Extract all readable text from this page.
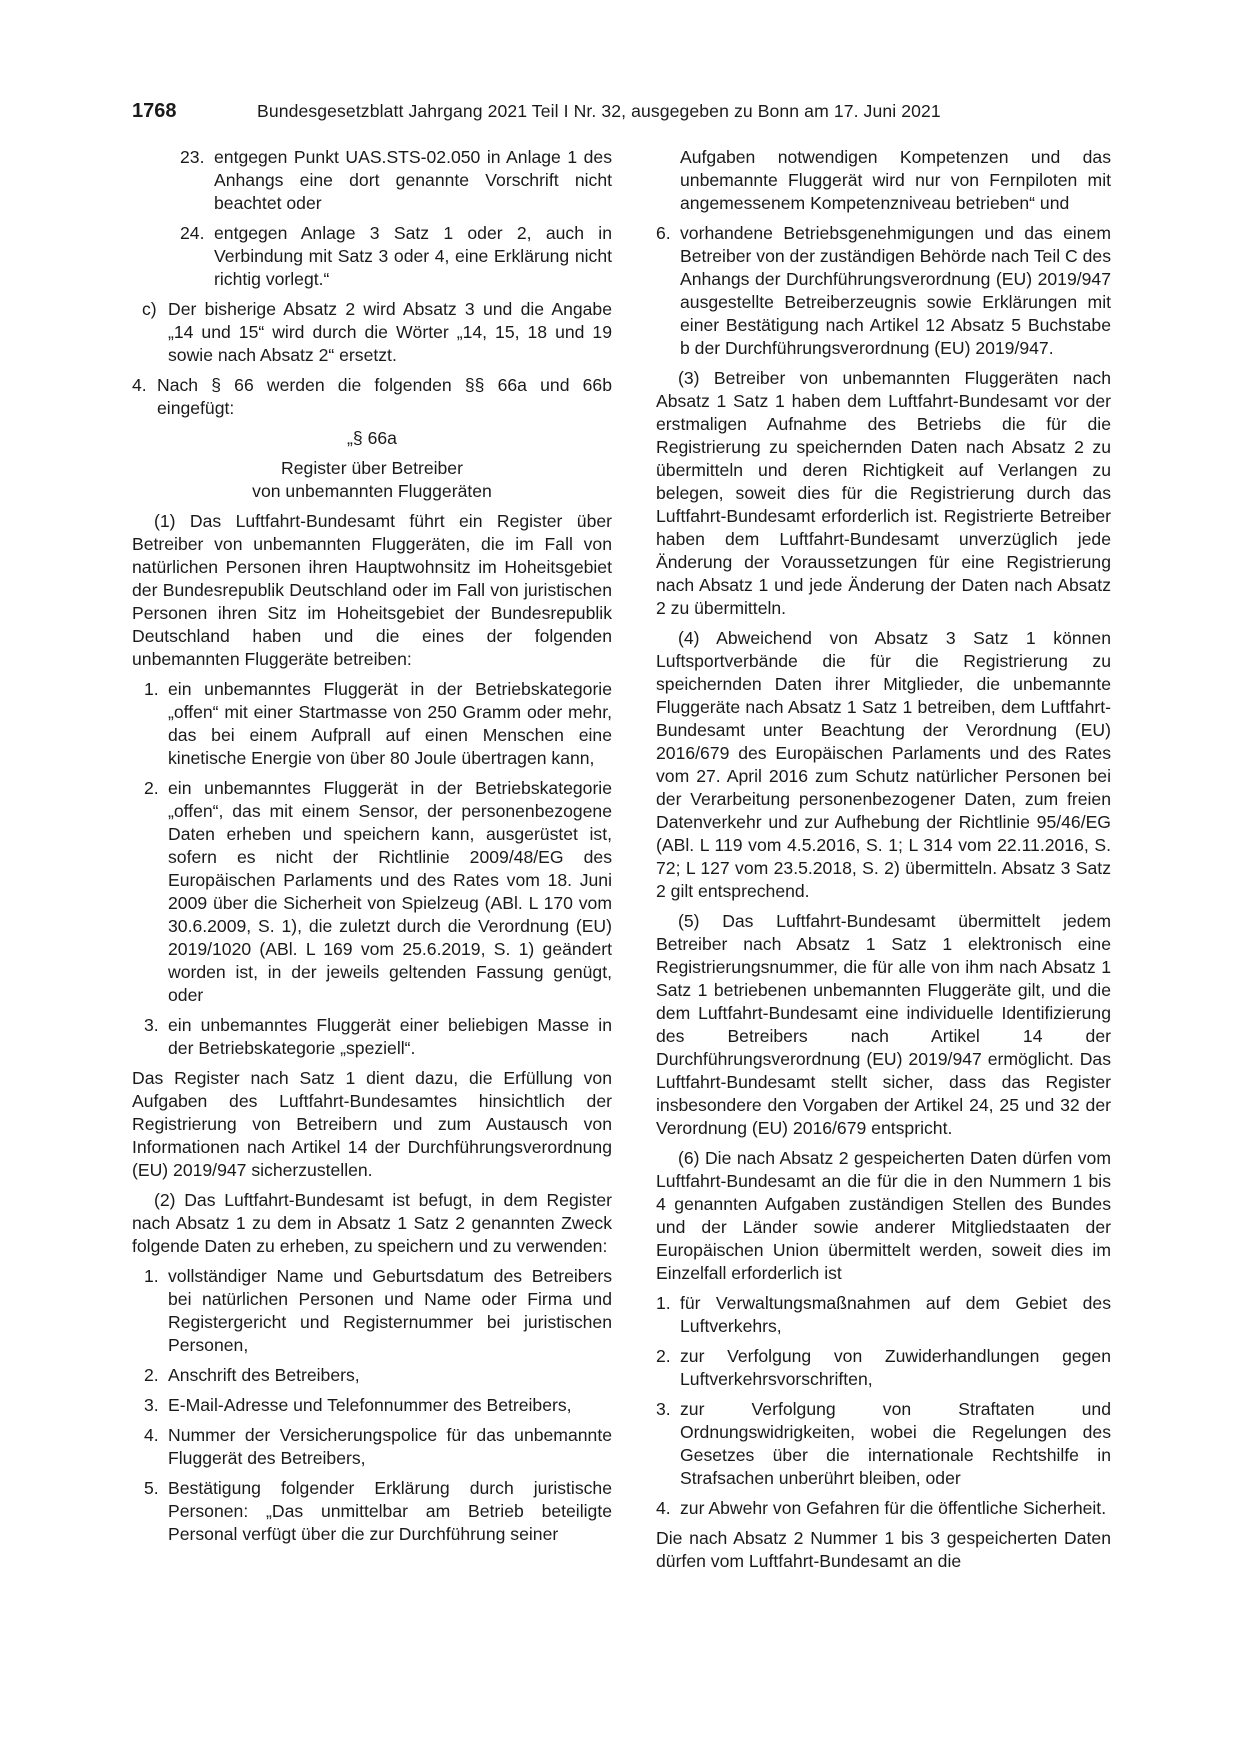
1768	Bundesgesetzblatt Jahrgang 2021 Teil I Nr. 32, ausgegeben zu Bonn am 17. Juni 2021
23. entgegen Punkt UAS.STS-02.050 in Anlage 1 des Anhangs eine dort genannte Vorschrift nicht beachtet oder
24. entgegen Anlage 3 Satz 1 oder 2, auch in Verbindung mit Satz 3 oder 4, eine Erklärung nicht richtig vorlegt.“
c) Der bisherige Absatz 2 wird Absatz 3 und die Angabe „14 und 15“ wird durch die Wörter „14, 15, 18 und 19 sowie nach Absatz 2“ ersetzt.
4. Nach § 66 werden die folgenden §§ 66a und 66b eingefügt:

„§ 66a

Register über Betreiber

von unbemannten Fluggeräten

(1) Das Luftfahrt-Bundesamt führt ein Register über Betreiber von unbemannten Fluggeräten, die im Fall von natürlichen Personen ihren Hauptwohnsitz im Hoheitsgebiet der Bundesrepublik Deutschland oder im Fall von juristischen Personen ihren Sitz im Hoheitsgebiet der Bundesrepublik Deutschland haben und die eines der folgenden unbemannten Fluggeräte betreiben:

1. ein unbemanntes Fluggerät in der Betriebskategorie „offen“ mit einer Startmasse von 250 Gramm oder mehr, das bei einem Aufprall auf einen Menschen eine kinetische Energie von über 80 Joule übertragen kann,
2. ein unbemanntes Fluggerät in der Betriebskategorie „offen“, das mit einem Sensor, der personenbezogene Daten erheben und speichern kann, ausgerüstet ist, sofern es nicht der Richtlinie 2009/48/EG des Europäischen Parlaments und des Rates vom 18. Juni 2009 über die Sicherheit von Spielzeug (ABl. L 170 vom 30.6.2009, S. 1), die zuletzt durch die Verordnung (EU) 2019/1020 (ABl. L 169 vom 25.6.2019, S. 1) geändert worden ist, in der jeweils geltenden Fassung genügt, oder
3. ein unbemanntes Fluggerät einer beliebigen Masse in der Betriebskategorie „speziell“.

Das Register nach Satz 1 dient dazu, die Erfüllung von Aufgaben des Luftfahrt-Bundesamtes hinsichtlich der Registrierung von Betreibern und zum Austausch von Informationen nach Artikel 14 der Durchführungsverordnung (EU) 2019/947 sicherzustellen.

(2) Das Luftfahrt-Bundesamt ist befugt, in dem Register nach Absatz 1 zu dem in Absatz 1 Satz 2 genannten Zweck folgende Daten zu erheben, zu speichern und zu verwenden:

1. vollständiger Name und Geburtsdatum des Betreibers bei natürlichen Personen und Name oder Firma und Registergericht und Registernummer bei juristischen Personen,
2. Anschrift des Betreibers,
3. E-Mail-Adresse und Telefonnummer des Betreibers,
4. Nummer der Versicherungspolice für das unbemannte Fluggerät des Betreibers,
5. Bestätigung folgender Erklärung durch juristische Personen: „Das unmittelbar am Betrieb beteiligte Personal verfügt über die zur Durchführung seiner

Aufgaben notwendigen Kompetenzen und das unbemannte Fluggerät wird nur von Fernpiloten mit angemessenem Kompetenzniveau betrieben“ und

6. vorhandene Betriebsgenehmigungen und das einem Betreiber von der zuständigen Behörde nach Teil C des Anhangs der Durchführungsverordnung (EU) 2019/947 ausgestellte Betreiberzeugnis sowie Erklärungen mit einer Bestätigung nach Artikel 12 Absatz 5 Buchstabe b der Durchführungsverordnung (EU) 2019/947.

(3) Betreiber von unbemannten Fluggeräten nach Absatz 1 Satz 1 haben dem Luftfahrt-Bundesamt vor der erstmaligen Aufnahme des Betriebs die für die Registrierung zu speichernden Daten nach Absatz 2 zu übermitteln und deren Richtigkeit auf Verlangen zu belegen, soweit dies für die Registrierung durch das Luftfahrt-Bundesamt erforderlich ist. Registrierte Betreiber haben dem Luftfahrt-Bundesamt unverzüglich jede Änderung der Voraussetzungen für eine Registrierung nach Absatz 1 und jede Änderung der Daten nach Absatz 2 zu übermitteln.

(4) Abweichend von Absatz 3 Satz 1 können Luftsportverbände die für die Registrierung zu speichernden Daten ihrer Mitglieder, die unbemannte Fluggeräte nach Absatz 1 Satz 1 betreiben, dem Luftfahrt-Bundesamt unter Beachtung der Verordnung (EU) 2016/679 des Europäischen Parlaments und des Rates vom 27. April 2016 zum Schutz natürlicher Personen bei der Verarbeitung personenbezogener Daten, zum freien Datenverkehr und zur Aufhebung der Richtlinie 95/46/EG (ABl. L 119 vom 4.5.2016, S. 1; L 314 vom 22.11.2016, S. 72; L 127 vom 23.5.2018, S. 2) übermitteln. Absatz 3 Satz 2 gilt entsprechend.

(5) Das Luftfahrt-Bundesamt übermittelt jedem Betreiber nach Absatz 1 Satz 1 elektronisch eine Registrierungsnummer, die für alle von ihm nach Absatz 1 Satz 1 betriebenen unbemannten Fluggeräte gilt, und die dem Luftfahrt-Bundesamt eine individuelle Identifizierung des Betreibers nach Artikel 14 der Durchführungsverordnung (EU) 2019/947 ermöglicht. Das Luftfahrt-Bundesamt stellt sicher, dass das Register insbesondere den Vorgaben der Artikel 24, 25 und 32 der Verordnung (EU) 2016/679 entspricht.

(6) Die nach Absatz 2 gespeicherten Daten dürfen vom Luftfahrt-Bundesamt an die für die in den Nummern 1 bis 4 genannten Aufgaben zuständigen Stellen des Bundes und der Länder sowie anderer Mitgliedstaaten der Europäischen Union übermittelt werden, soweit dies im Einzelfall erforderlich ist

1. für Verwaltungsmaßnahmen auf dem Gebiet des Luftverkehrs,
2. zur Verfolgung von Zuwiderhandlungen gegen Luftverkehrsvorschriften,
3. zur Verfolgung von Straftaten und Ordnungswidrigkeiten, wobei die Regelungen des Gesetzes über die internationale Rechtshilfe in Strafsachen unberührt bleiben, oder
4. zur Abwehr von Gefahren für die öffentliche Sicherheit.

Die nach Absatz 2 Nummer 1 bis 3 gespeicherten Daten dürfen vom Luftfahrt-Bundesamt an die
